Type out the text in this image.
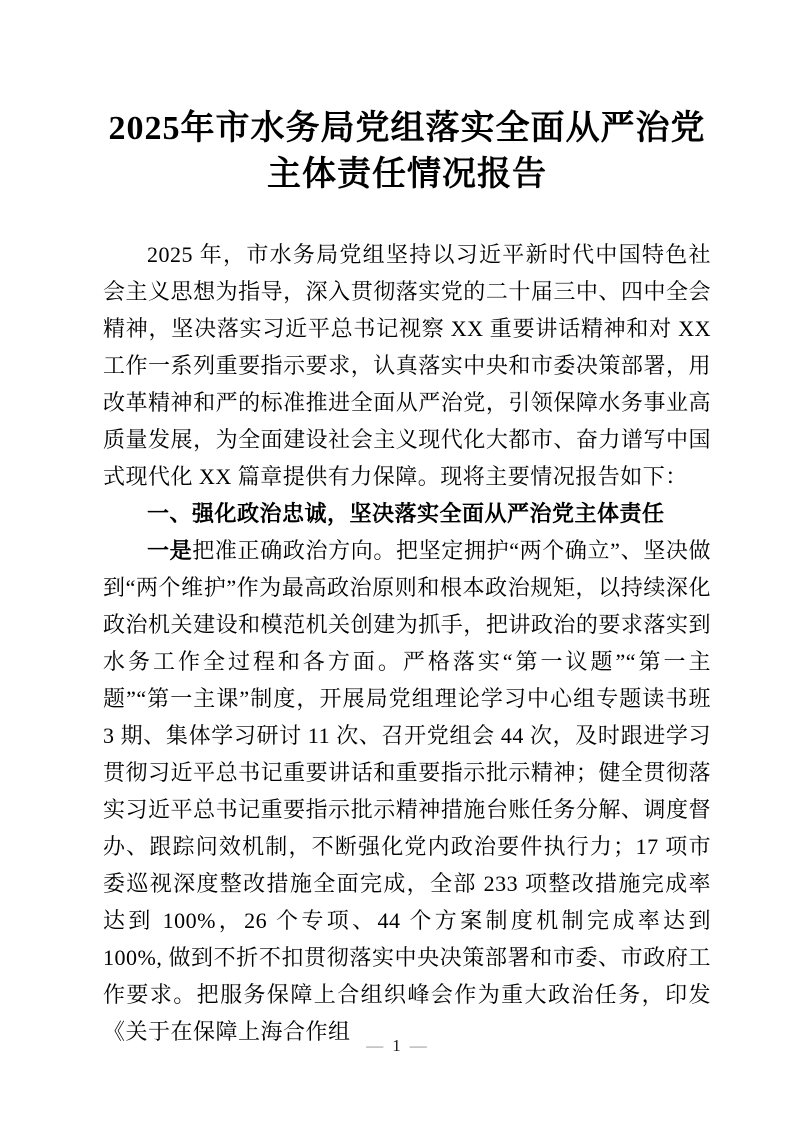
2025年市水务局党组落实全面从严治党主体责任情况报告

2025 年，市水务局党组坚持以习近平新时代中国特色社会主义思想为指导，深入贯彻落实党的二十届三中、四中全会精神，坚决落实习近平总书记视察 XX 重要讲话精神和对 XX 工作一系列重要指示要求，认真落实中央和市委决策部署，用改革精神和严的标准推进全面从严治党，引领保障水务事业高质量发展，为全面建设社会主义现代化大都市、奋力谱写中国式现代化 XX 篇章提供有力保障。现将主要情况报告如下：

一、强化政治忠诚，坚决落实全面从严治党主体责任

一是把准正确政治方向。把坚定拥护“两个确立”、坚决做到“两个维护”作为最高政治原则和根本政治规矩，以持续深化政治机关建设和模范机关创建为抓手，把讲政治的要求落实到水务工作全过程和各方面。严格落实“第一议题”“第一主题”“第一主课”制度，开展局党组理论学习中心组专题读书班 3 期、集体学习研讨 11 次、召开党组会 44 次，及时跟进学习贯彻习近平总书记重要讲话和重要指示批示精神；健全贯彻落实习近平总书记重要指示批示精神措施台账任务分解、调度督办、跟踪问效机制，不断强化党内政治要件执行力；17 项市委巡视深度整改措施全面完成，全部 233 项整改措施完成率达到 100%，26 个专项、44 个方案制度机制完成率达到 100%, 做到不折不扣贯彻落实中央决策部署和市委、市政府工作要求。把服务保障上合组织峰会作为重大政治任务，印发《关于在保障上海合作组

— 1 —
